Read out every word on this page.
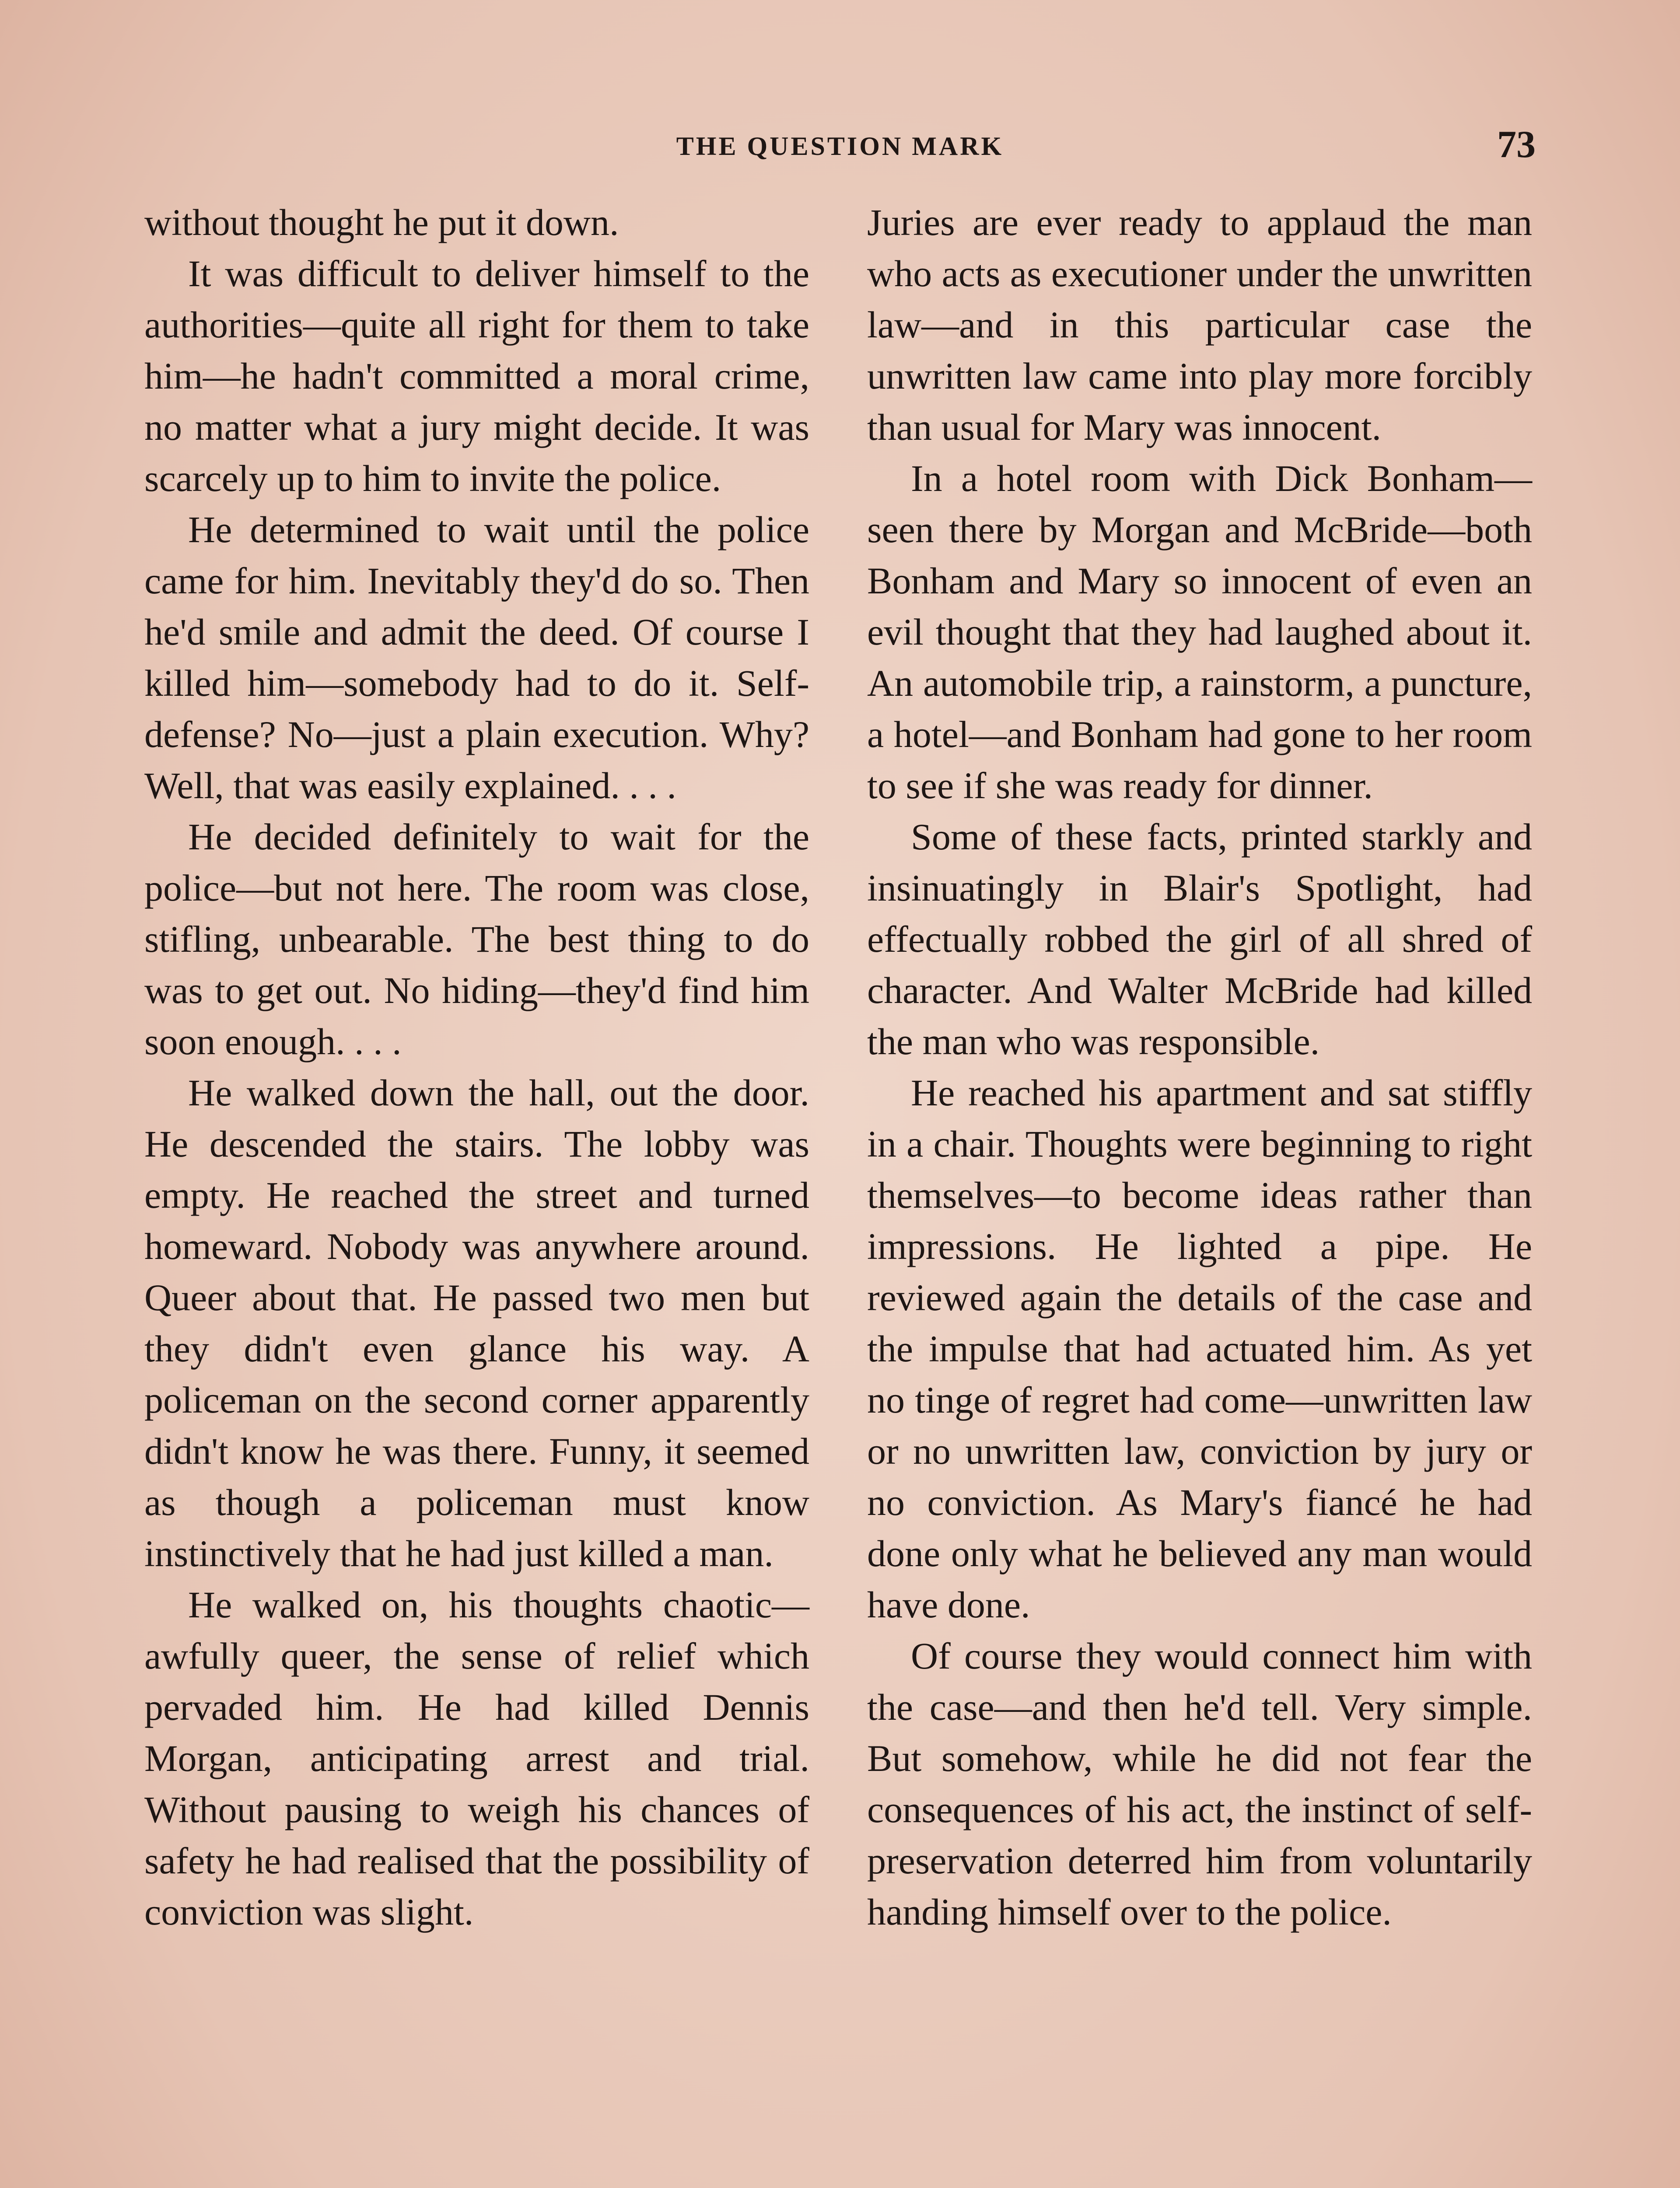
THE QUESTION MARK	73

without thought he put it down.

It was difficult to deliver himself to the authorities—quite all right for them to take him—he hadn't committed a moral crime, no matter what a jury might decide. It was scarcely up to him to invite the police.

He determined to wait until the police came for him. Inevitably they'd do so. Then he'd smile and admit the deed. Of course I killed him—somebody had to do it. Self-defense? No—just a plain execution. Why? Well, that was easily explained. . . .

He decided definitely to wait for the police—but not here. The room was close, stifling, unbearable. The best thing to do was to get out. No hiding—they'd find him soon enough. . . .

He walked down the hall, out the door. He descended the stairs. The lobby was empty. He reached the street and turned homeward. Nobody was anywhere around. Queer about that. He passed two men but they didn't even glance his way. A policeman on the second corner apparently didn't know he was there. Funny, it seemed as though a policeman must know instinctively that he had just killed a man.

He walked on, his thoughts chaotic—awfully queer, the sense of relief which pervaded him. He had killed Dennis Morgan, anticipating arrest and trial. Without pausing to weigh his chances of safety he had realised that the possibility of conviction was slight.

Juries are ever ready to applaud the man who acts as executioner under the unwritten law—and in this particular case the unwritten law came into play more forcibly than usual for Mary was innocent.

In a hotel room with Dick Bonham—seen there by Morgan and McBride—both Bonham and Mary so innocent of even an evil thought that they had laughed about it. An automobile trip, a rainstorm, a puncture, a hotel—and Bonham had gone to her room to see if she was ready for dinner.

Some of these facts, printed starkly and insinuatingly in Blair's Spotlight, had effectually robbed the girl of all shred of character. And Walter McBride had killed the man who was responsible.

He reached his apartment and sat stiffly in a chair. Thoughts were beginning to right themselves—to become ideas rather than impressions. He lighted a pipe. He reviewed again the details of the case and the impulse that had actuated him. As yet no tinge of regret had come—unwritten law or no unwritten law, conviction by jury or no conviction. As Mary's fiancé he had done only what he believed any man would have done.

Of course they would connect him with the case—and then he'd tell. Very simple. But somehow, while he did not fear the consequences of his act, the instinct of self-preservation deterred him from voluntarily handing himself over to the police.
